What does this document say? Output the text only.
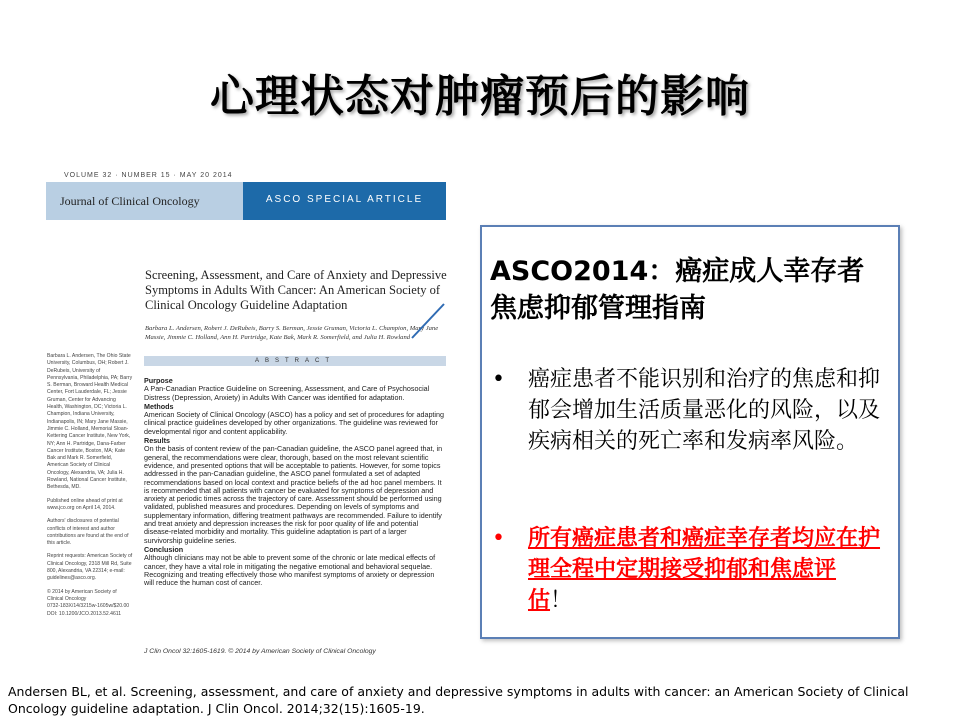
心理状态对肿瘤预后的影响
VOLUME 32 · NUMBER 15 · MAY 20 2014
Journal of Clinical Oncology	ASCO SPECIAL ARTICLE
Screening, Assessment, and Care of Anxiety and Depressive Symptoms in Adults With Cancer: An American Society of Clinical Oncology Guideline Adaptation
Barbara L. Andersen, Robert J. DeRubeis, Barry S. Berman, Jessie Gruman, Victoria L. Champion, Mary Jane Massie, Jimmie C. Holland, Ann H. Partridge, Kate Bak, Mark R. Somerfield, and Julia H. Rowland
ABSTRACT

Barbara L. Andersen, The Ohio State University, Columbus, OH; Robert J. DeRubeis, University of Pennsylvania, Philadelphia, PA; Barry S. Berman, Broward Health Medical Center, Fort Lauderdale, FL; Jessie Gruman, Center for Advancing Health, Washington, DC; Victoria L. Champion, Indiana University, Indianapolis, IN; Mary Jane Massie, Jimmie C. Holland, Memorial Sloan-Kettering Cancer Institute, New York, NY; Ann H. Partridge, Dana-Farber Cancer Institute, Boston, MA; Kate Bak and Mark R. Somerfield, American Society of Clinical Oncology, Alexandria, VA; Julia H. Rowland, National Cancer Institute, Bethesda, MD.

Published online ahead of print at www.jco.org on April 14, 2014.

Authors' disclosures of potential conflicts of interest and author contributions are found at the end of this article.

Reprint requests: American Society of Clinical Oncology, 2318 Mill Rd, Suite 800, Alexandria, VA 22314; e-mail: guidelines@asco.org.

© 2014 by American Society of Clinical Oncology

0732-183X/14/3215w-1605w/$20.00

DOI: 10.1200/JCO.2013.52.4611

Purpose

A Pan-Canadian Practice Guideline on Screening, Assessment, and Care of Psychosocial Distress (Depression, Anxiety) in Adults With Cancer was identified for adaptation.

Methods

American Society of Clinical Oncology (ASCO) has a policy and set of procedures for adapting clinical practice guidelines developed by other organizations. The guideline was reviewed for developmental rigor and content applicability.

Results

On the basis of content review of the pan-Canadian guideline, the ASCO panel agreed that, in general, the recommendations were clear, thorough, based on the most relevant scientific evidence, and presented options that will be acceptable to patients. However, for some topics addressed in the pan-Canadian guideline, the ASCO panel formulated a set of adapted recommendations based on local context and practice beliefs of the ad hoc panel members. It is recommended that all patients with cancer be evaluated for symptoms of depression and anxiety at periodic times across the trajectory of care. Assessment should be performed using validated, published measures and procedures. Depending on levels of symptoms and supplementary information, differing treatment pathways are recommended. Failure to identify and treat anxiety and depression increases the risk for poor quality of life and potential disease-related morbidity and mortality. This guideline adaptation is part of a larger survivorship guideline series.

Conclusion

Although clinicians may not be able to prevent some of the chronic or late medical effects of cancer, they have a vital role in mitigating the negative emotional and behavioral sequelae. Recognizing and treating effectively those who manifest symptoms of anxiety or depression will reduce the human cost of cancer.

J Clin Oncol 32:1605-1619. © 2014 by American Society of Clinical Oncology
ASCO2014：癌症成人幸存者焦虑抑郁管理指南
• 癌症患者不能识别和治疗的焦虑和抑郁会增加生活质量恶化的风险，以及疾病相关的死亡率和发病率风险。
• 所有癌症患者和癌症幸存者均应在护理全程中定期接受抑郁和焦虑评估！
Andersen BL, et al. Screening, assessment, and care of anxiety and depressive symptoms in adults with cancer: an American Society of Clinical Oncology guideline adaptation. J Clin Oncol. 2014;32(15):1605-19.
